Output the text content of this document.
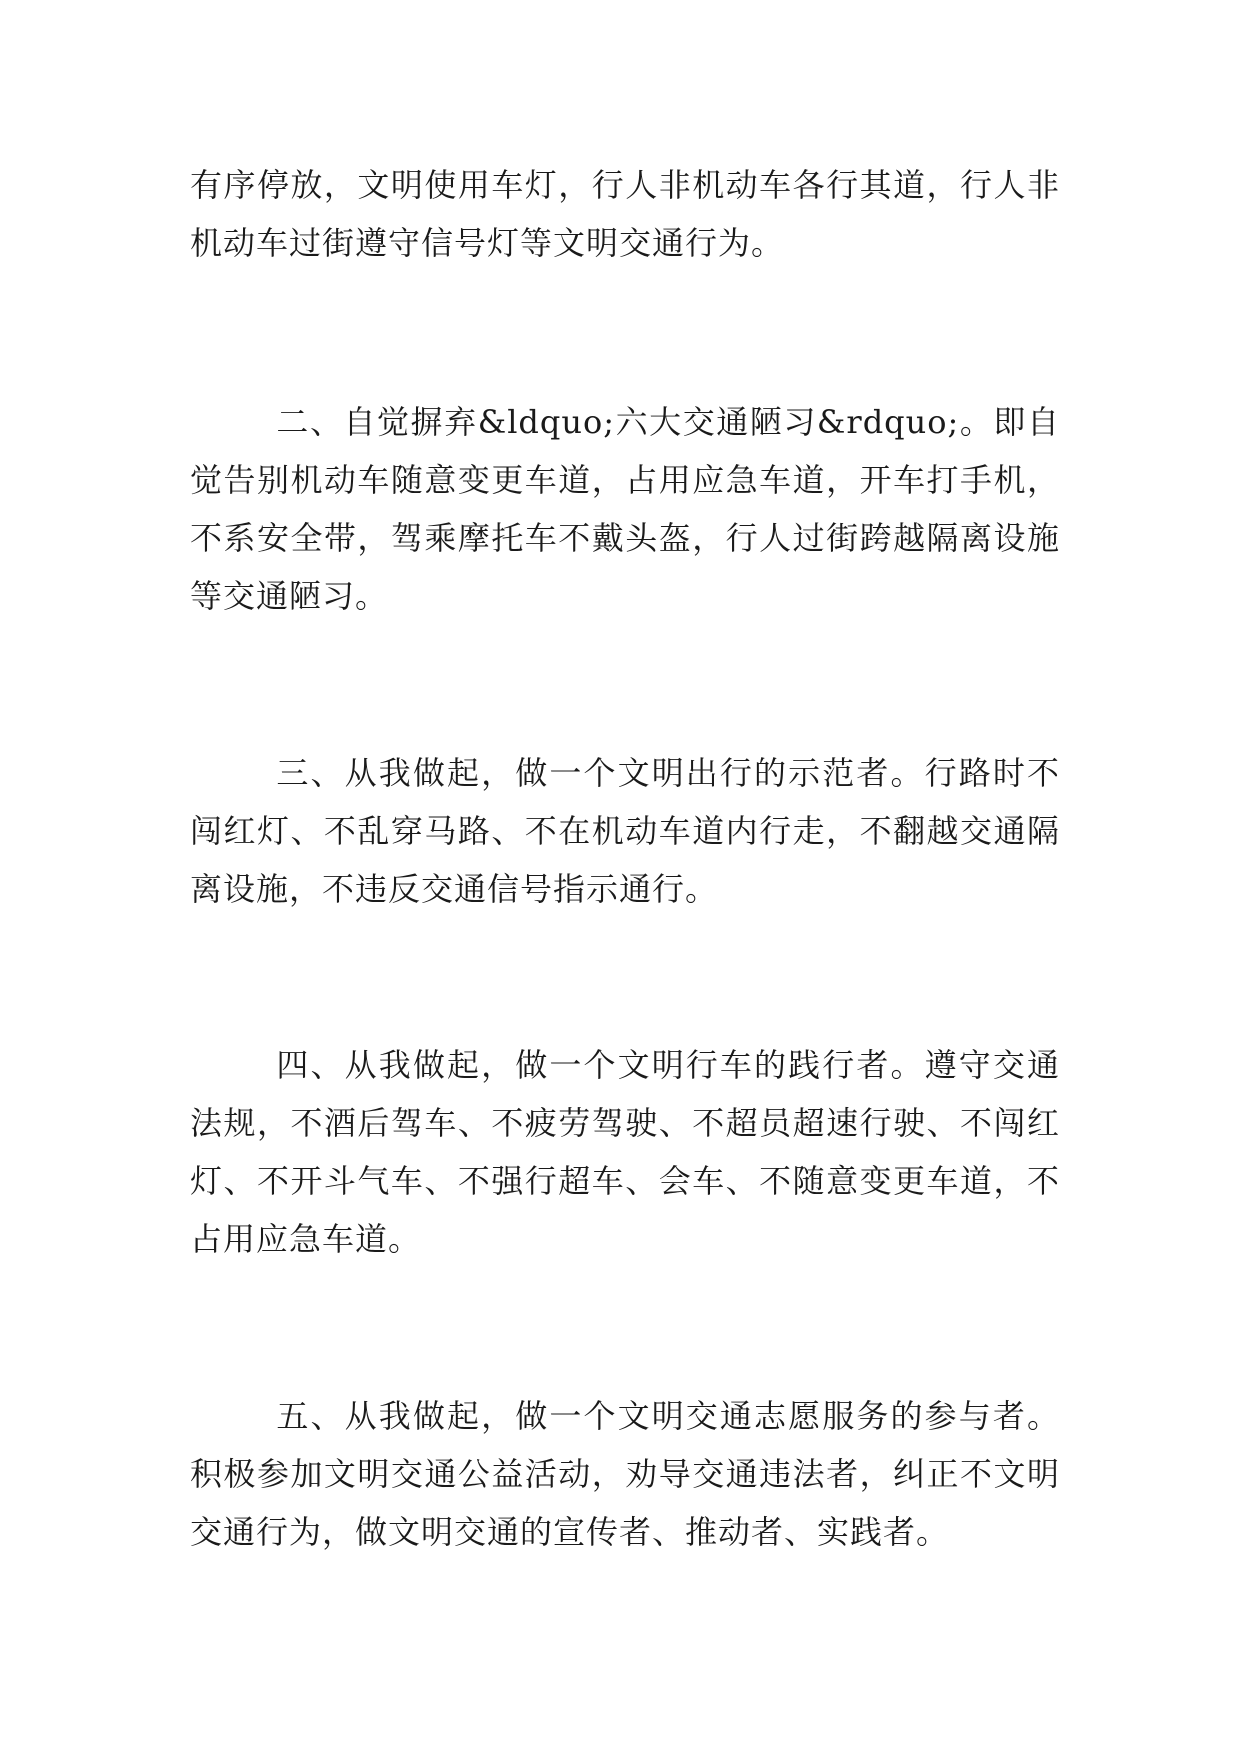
有序停放，文明使用车灯，行人非机动车各行其道，行人非机动车过街遵守信号灯等文明交通行为。

二、自觉摒弃&ldquo;六大交通陋习&rdquo;。即自觉告别机动车随意变更车道，占用应急车道，开车打手机，不系安全带，驾乘摩托车不戴头盔，行人过街跨越隔离设施等交通陋习。

三、从我做起，做一个文明出行的示范者。行路时不闯红灯、不乱穿马路、不在机动车道内行走，不翻越交通隔离设施，不违反交通信号指示通行。

四、从我做起，做一个文明行车的践行者。遵守交通法规，不酒后驾车、不疲劳驾驶、不超员超速行驶、不闯红灯、不开斗气车、不强行超车、会车、不随意变更车道，不占用应急车道。

五、从我做起，做一个文明交通志愿服务的参与者。积极参加文明交通公益活动，劝导交通违法者，纠正不文明交通行为，做文明交通的宣传者、推动者、实践者。
